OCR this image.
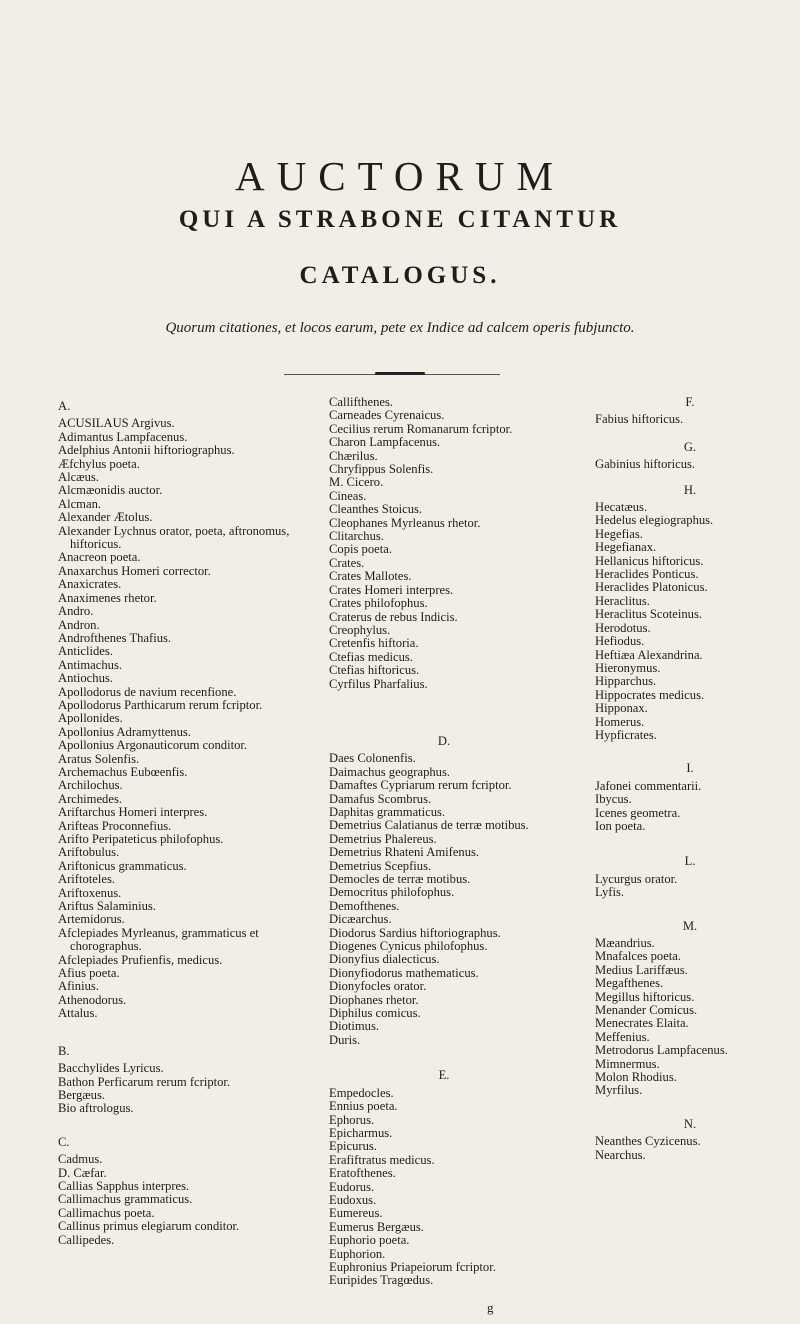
AUCTORUM
QUI A STRABONE CITANTUR
CATALOGUS.

Quorum citationes, et locos earum, pete ex Indice ad calcem operis fubjuncto.

A.

ACUSILAUS Argivus.

Adimantus Lampfacenus.

Adelphius Antonii hiftoriographus.

Æfchylus poeta.

Alcæus.

Alcmæonidis auctor.

Alcman.

Alexander Ætolus.

Alexander Lychnus orator, poeta, aftronomus, hiftoricus.

Anacreon poeta.

Anaxarchus Homeri corrector.

Anaxicrates.

Anaximenes rhetor.

Andro.

Andron.

Androfthenes Thafius.

Anticlides.

Antimachus.

Antiochus.

Apollodorus de navium recenfione.

Apollodorus Parthicarum rerum fcriptor.

Apollonides.

Apollonius Adramyttenus.

Apollonius Argonauticorum conditor.

Aratus Solenfis.

Archemachus Eubœenfis.

Archilochus.

Archimedes.

Ariftarchus Homeri interpres.

Arifteas Proconnefius.

Arifto Peripateticus philofophus.

Ariftobulus.

Ariftonicus grammaticus.

Ariftoteles.

Ariftoxenus.

Ariftus Salaminius.

Artemidorus.

Afclepiades Myrleanus, grammaticus et chorographus.

Afclepiades Prufienfis, medicus.

Afius poeta.

Afinius.

Athenodorus.

Attalus.

B.

Bacchylides Lyricus.

Bathon Perficarum rerum fcriptor.

Bergæus.

Bio aftrologus.

C.

Cadmus.

D. Cæfar.

Callias Sapphus interpres.

Callimachus grammaticus.

Callimachus poeta.

Callinus primus elegiarum conditor.

Callipedes.

Callifthenes.

Carneades Cyrenaicus.

Cecilius rerum Romanarum fcriptor.

Charon Lampfacenus.

Chærilus.

Chryfippus Solenfis.

M. Cicero.

Cineas.

Cleanthes Stoicus.

Cleophanes Myrleanus rhetor.

Clitarchus.

Copis poeta.

Crates.

Crates Mallotes.

Crates Homeri interpres.

Crates philofophus.

Craterus de rebus Indicis.

Creophylus.

Cretenfis hiftoria.

Ctefias medicus.

Ctefias hiftoricus.

Cyrfilus Pharfalius.

D.

Daes Colonenfis.

Daimachus geographus.

Damaftes Cypriarum rerum fcriptor.

Damafus Scombrus.

Daphitas grammaticus.

Demetrius Calatianus de terræ motibus.

Demetrius Phalereus.

Demetrius Rhateni Amifenus.

Demetrius Scepfius.

Democles de terræ motibus.

Democritus philofophus.

Demofthenes.

Dicæarchus.

Diodorus Sardius hiftoriographus.

Diogenes Cynicus philofophus.

Dionyfius dialecticus.

Dionyfiodorus mathematicus.

Dionyfocles orator.

Diophanes rhetor.

Diphilus comicus.

Diotimus.

Duris.

E.

Empedocles.

Ennius poeta.

Ephorus.

Epicharmus.

Epicurus.

Erafiftratus medicus.

Eratofthenes.

Eudorus.

Eudoxus.

Eumereus.

Eumerus Bergæus.

Euphorio poeta.

Euphorion.

Euphronius Priapeiorum fcriptor.

Euripides Tragœdus.

F.

Fabius hiftoricus.

G.

Gabinius hiftoricus.

H.

Hecatæus.

Hedelus elegiographus.

Hegefias.

Hegefianax.

Hellanicus hiftoricus.

Heraclides Ponticus.

Heraclides Platonicus.

Heraclitus.

Heraclitus Scoteinus.

Herodotus.

Hefiodus.

Heftiæa Alexandrina.

Hieronymus.

Hipparchus.

Hippocrates medicus.

Hipponax.

Homerus.

Hypficrates.

I.

Jafonei commentarii.

Ibycus.

Icenes geometra.

Ion poeta.

L.

Lycurgus orator.

Lyfis.

M.

Mæandrius.

Mnafalces poeta.

Medius Lariffæus.

Megafthenes.

Megillus hiftoricus.

Menander Comicus.

Menecrates Elaita.

Meffenius.

Metrodorus Lampfacenus.

Mimnermus.

Molon Rhodius.

Myrfilus.

N.

Neanthes Cyzicenus.

Nearchus.

g
